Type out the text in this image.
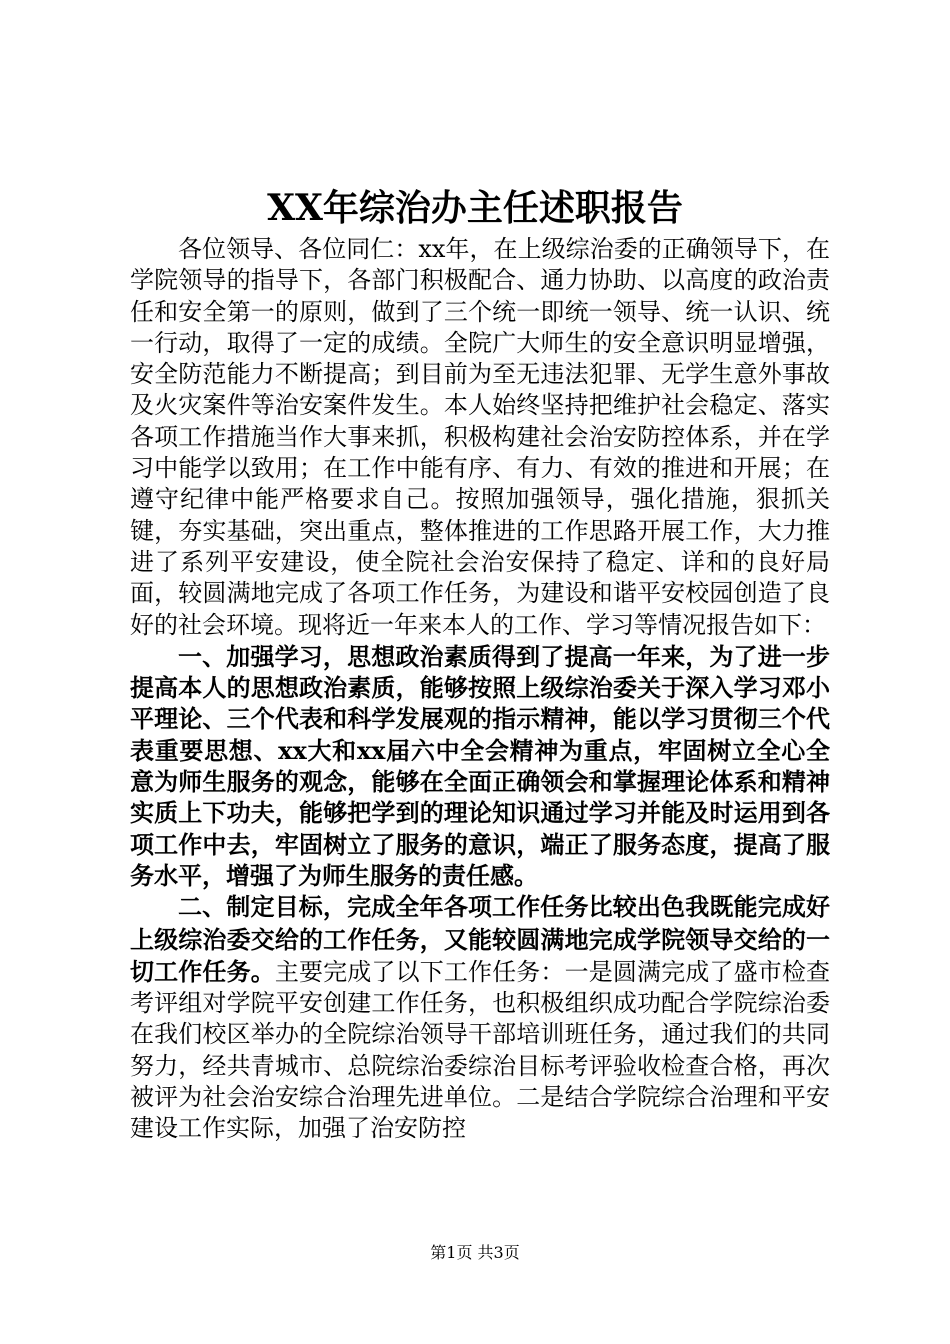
XX年综治办主任述职报告

各位领导、各位同仁：xx年，在上级综治委的正确领导下，在学院领导的指导下，各部门积极配合、通力协助、以高度的政治责任和安全第一的原则，做到了三个统一即统一领导、统一认识、统一行动，取得了一定的成绩。全院广大师生的安全意识明显增强，安全防范能力不断提高；到目前为至无违法犯罪、无学生意外事故及火灾案件等治安案件发生。本人始终坚持把维护社会稳定、落实各项工作措施当作大事来抓，积极构建社会治安防控体系，并在学习中能学以致用；在工作中能有序、有力、有效的推进和开展；在遵守纪律中能严格要求自己。按照加强领导，强化措施，狠抓关键，夯实基础，突出重点，整体推进的工作思路开展工作，大力推进了系列平安建设，使全院社会治安保持了稳定、详和的良好局面，较圆满地完成了各项工作任务，为建设和谐平安校园创造了良好的社会环境。现将近一年来本人的工作、学习等情况报告如下：

一、加强学习，思想政治素质得到了提高一年来，为了进一步提高本人的思想政治素质，能够按照上级综治委关于深入学习邓小平理论、三个代表和科学发展观的指示精神，能以学习贯彻三个代表重要思想、xx大和xx届六中全会精神为重点，牢固树立全心全意为师生服务的观念，能够在全面正确领会和掌握理论体系和精神实质上下功夫，能够把学到的理论知识通过学习并能及时运用到各项工作中去，牢固树立了服务的意识，端正了服务态度，提高了服务水平，增强了为师生服务的责任感。

二、制定目标，完成全年各项工作任务比较出色我既能完成好上级综治委交给的工作任务，又能较圆满地完成学院领导交给的一切工作任务。主要完成了以下工作任务：一是圆满完成了盛市检查考评组对学院平安创建工作任务，也积极组织成功配合学院综治委在我们校区举办的全院综治领导干部培训班任务，通过我们的共同努力，经共青城市、总院综治委综治目标考评验收检查合格，再次被评为社会治安综合治理先进单位。二是结合学院综合治理和平安建设工作实际，加强了治安防控

第1页 共3页
